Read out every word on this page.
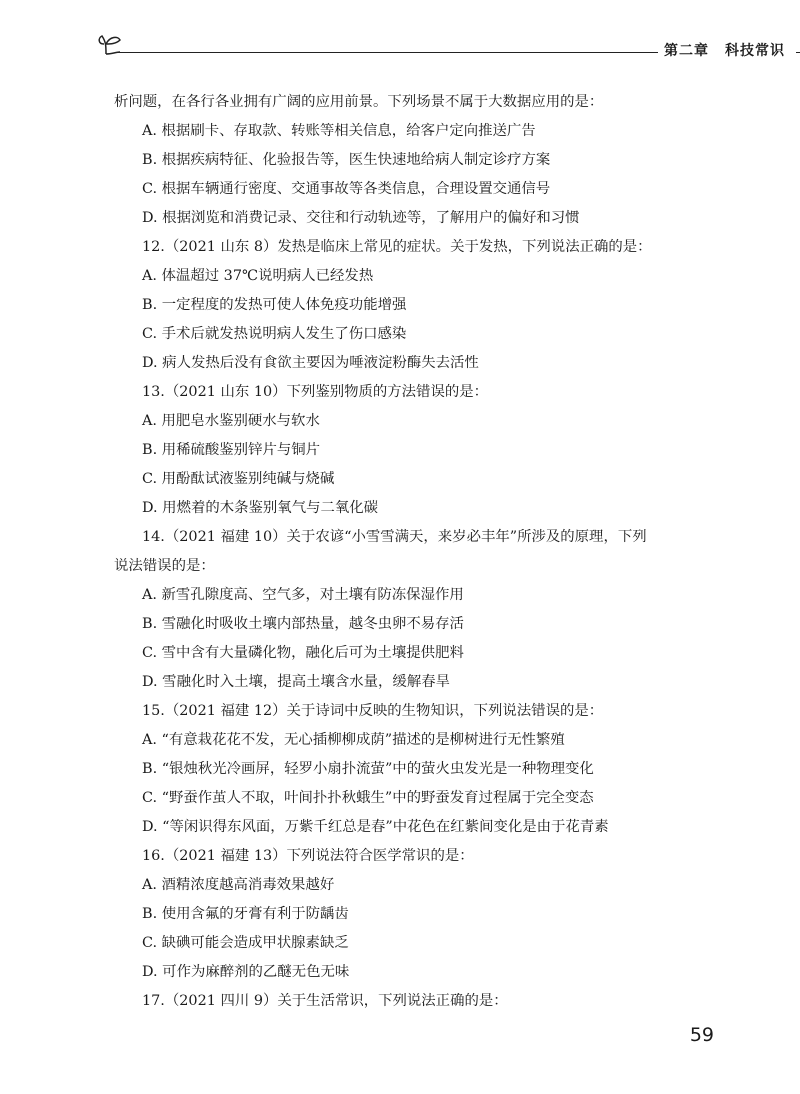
第二章 科技常识
析问题，在各行各业拥有广阔的应用前景。下列场景不属于大数据应用的是：
A. 根据刷卡、存取款、转账等相关信息，给客户定向推送广告
B. 根据疾病特征、化验报告等，医生快速地给病人制定诊疗方案
C. 根据车辆通行密度、交通事故等各类信息，合理设置交通信号
D. 根据浏览和消费记录、交往和行动轨迹等，了解用户的偏好和习惯
12.（2021 山东 8）发热是临床上常见的症状。关于发热，下列说法正确的是：
A. 体温超过 37℃说明病人已经发热
B. 一定程度的发热可使人体免疫功能增强
C. 手术后就发热说明病人发生了伤口感染
D. 病人发热后没有食欲主要因为唾液淀粉酶失去活性
13.（2021 山东 10）下列鉴别物质的方法错误的是：
A. 用肥皂水鉴别硬水与软水
B. 用稀硫酸鉴别锌片与铜片
C. 用酚酞试液鉴别纯碱与烧碱
D. 用燃着的木条鉴别氧气与二氧化碳
14.（2021 福建 10）关于农谚“小雪雪满天，来岁必丰年”所涉及的原理，下列
说法错误的是：
A. 新雪孔隙度高、空气多，对土壤有防冻保湿作用
B. 雪融化时吸收土壤内部热量，越冬虫卵不易存活
C. 雪中含有大量磷化物，融化后可为土壤提供肥料
D. 雪融化时入土壤，提高土壤含水量，缓解春旱
15.（2021 福建 12）关于诗词中反映的生物知识，下列说法错误的是：
A. “有意栽花花不发，无心插柳柳成荫”描述的是柳树进行无性繁殖
B. “银烛秋光冷画屏，轻罗小扇扑流萤”中的萤火虫发光是一种物理变化
C. “野蚕作茧人不取，叶间扑扑秋蛾生”中的野蚕发育过程属于完全变态
D. “等闲识得东风面，万紫千红总是春”中花色在红紫间变化是由于花青素
16.（2021 福建 13）下列说法符合医学常识的是：
A. 酒精浓度越高消毒效果越好
B. 使用含氟的牙膏有利于防龋齿
C. 缺碘可能会造成甲状腺素缺乏
D. 可作为麻醉剂的乙醚无色无味
17.（2021 四川 9）关于生活常识，下列说法正确的是：
59
